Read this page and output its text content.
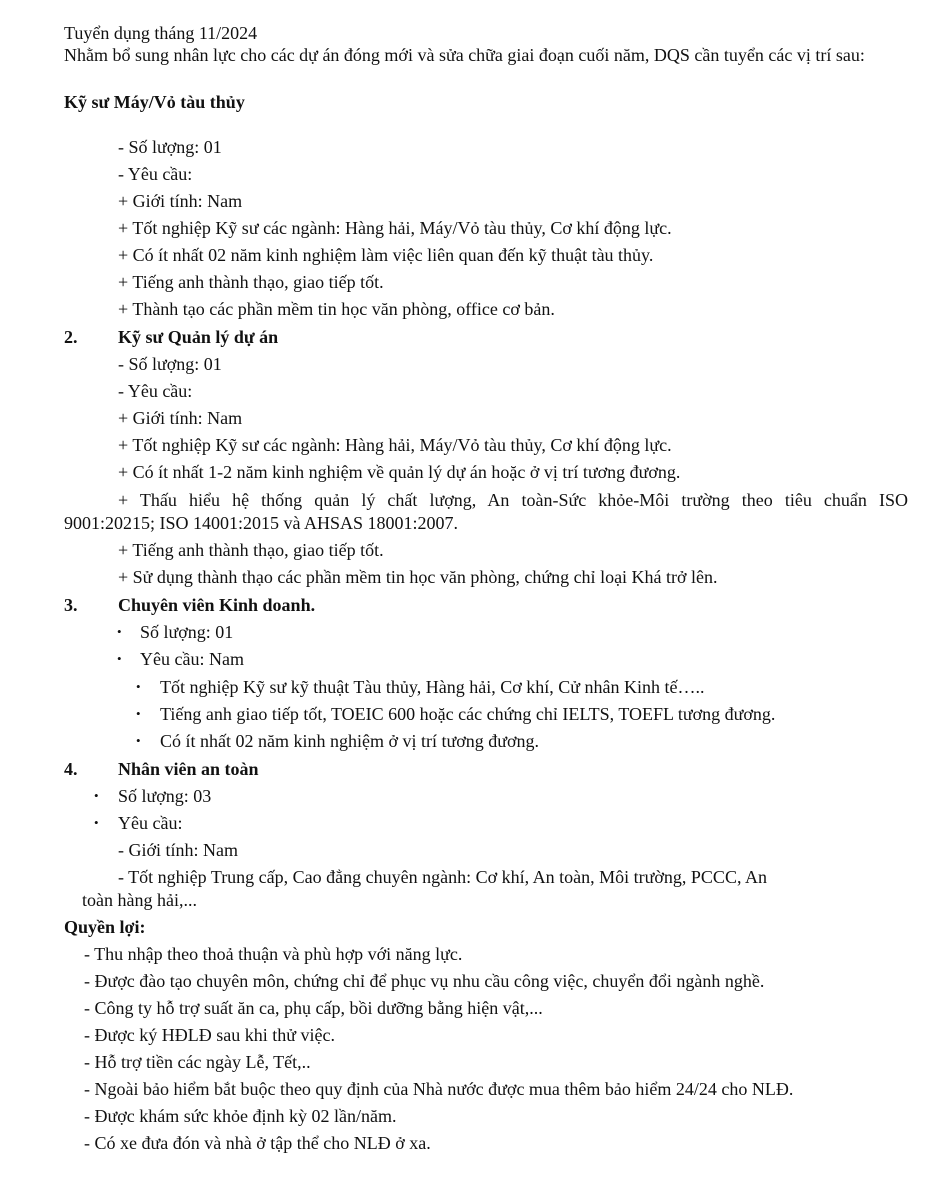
Tuyển dụng tháng 11/2024
Nhằm bổ sung nhân lực cho các dự án đóng mới và sửa chữa giai đoạn cuối năm, DQS cần tuyển các vị trí sau:
Kỹ sư Máy/Vỏ tàu thủy
- Số lượng: 01
- Yêu cầu:
+ Giới tính: Nam
+ Tốt nghiệp Kỹ sư các ngành: Hàng hải, Máy/Vỏ tàu thủy, Cơ khí động lực.
+ Có ít nhất 02 năm kinh nghiệm làm việc liên quan đến kỹ thuật tàu thủy.
+ Tiếng anh thành thạo, giao tiếp tốt.
+ Thành tạo các phần mềm tin học văn phòng, office cơ bản.
2. Kỹ sư Quản lý dự án
- Số lượng: 01
- Yêu cầu:
+ Giới tính: Nam
+ Tốt nghiệp Kỹ sư các ngành: Hàng hải, Máy/Vỏ tàu thủy, Cơ khí động lực.
+ Có ít nhất 1-2 năm kinh nghiệm về quản lý dự án hoặc ở vị trí tương đương.
+ Thấu hiểu hệ thống quản lý chất lượng, An toàn-Sức khỏe-Môi trường theo tiêu chuẩn ISO
9001:20215; ISO 14001:2015 và AHSAS 18001:2007.
+ Tiếng anh thành thạo, giao tiếp tốt.
+ Sử dụng thành thạo các phần mềm tin học văn phòng, chứng chỉ loại Khá trở lên.
3. Chuyên viên Kinh doanh.
• Số lượng: 01
• Yêu cầu: Nam
• Tốt nghiệp Kỹ sư kỹ thuật Tàu thủy, Hàng hải, Cơ khí, Cử nhân Kinh tế…..
• Tiếng anh giao tiếp tốt, TOEIC 600 hoặc các chứng chỉ IELTS, TOEFL tương đương.
• Có ít nhất 02 năm kinh nghiệm ở vị trí tương đương.
4. Nhân viên an toàn
• Số lượng: 03
• Yêu cầu:
- Giới tính: Nam
- Tốt nghiệp Trung cấp, Cao đẳng chuyên ngành: Cơ khí, An toàn, Môi trường, PCCC, An
toàn hàng hải,...
Quyền lợi:
- Thu nhập theo thoả thuận và phù hợp với năng lực.
- Được đào tạo chuyên môn, chứng chỉ để phục vụ nhu cầu công việc, chuyển đổi ngành nghề.
- Công ty hỗ trợ suất ăn ca, phụ cấp, bồi dưỡng bằng hiện vật,...
- Được ký HĐLĐ sau khi thử việc.
- Hỗ trợ tiền các ngày Lễ, Tết,..
- Ngoài bảo hiểm bắt buộc theo quy định của Nhà nước được mua thêm bảo hiểm 24/24 cho NLĐ.
- Được khám sức khỏe định kỳ 02 lần/năm.
- Có xe đưa đón và nhà ở tập thể cho NLĐ ở xa.
